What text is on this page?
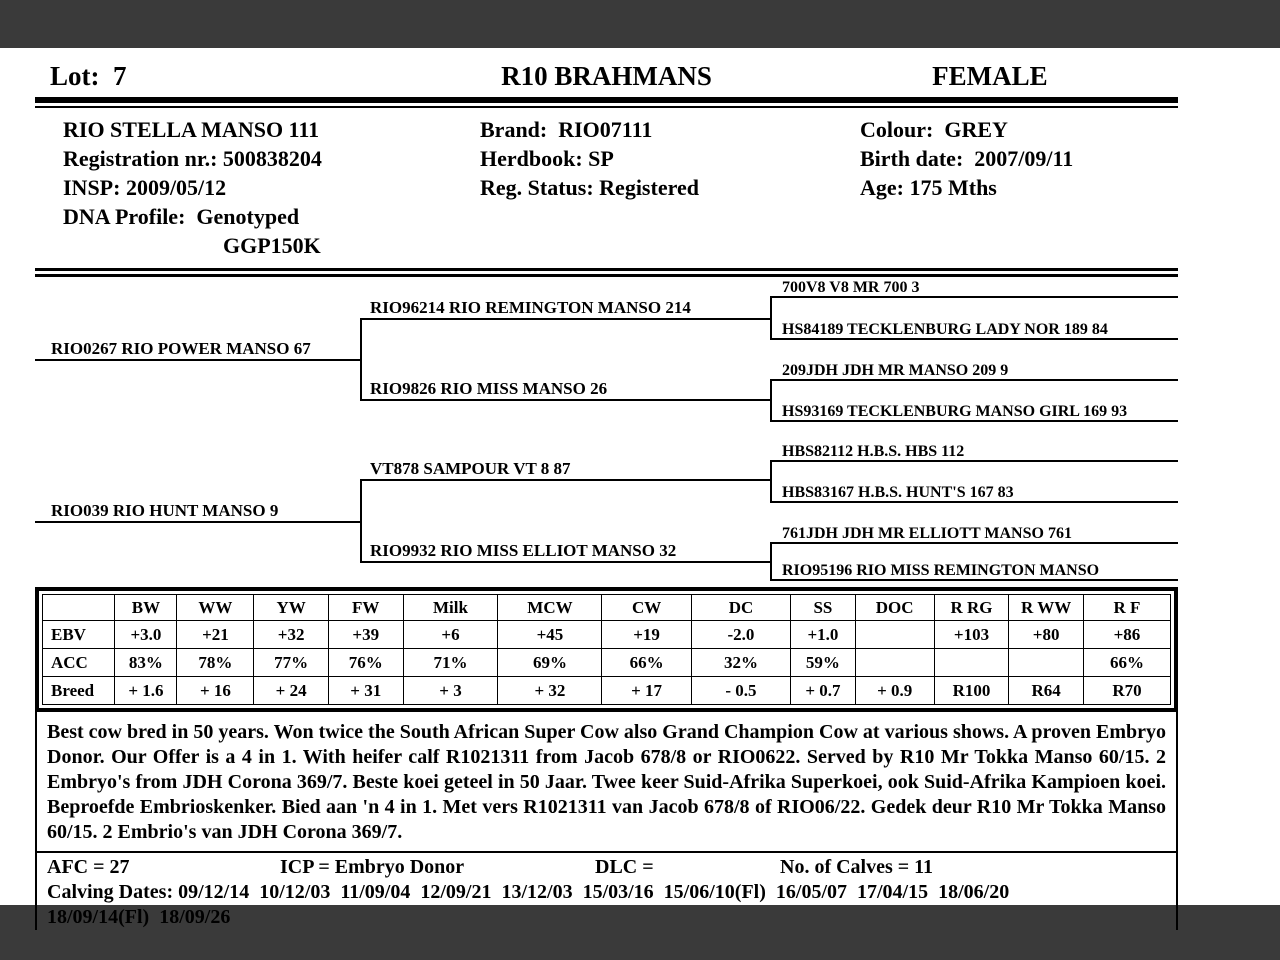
Lot:  7	R10 BRAHMANS	FEMALE
RIO STELLA MANSO 111
Registration nr.: 500838204
INSP: 2009/05/12
DNA Profile:  Genotyped
GGP150K
Brand:  RIO07111
Herdbook: SP
Reg. Status: Registered
Colour:  GREY
Birth date:  2007/09/11
Age: 175 Mths
RIO0267 RIO POWER MANSO 67
RIO039 RIO HUNT MANSO 9
RIO96214 RIO REMINGTON MANSO 214
RIO9826 RIO MISS MANSO 26
VT878 SAMPOUR VT 8 87
RIO9932 RIO MISS ELLIOT MANSO 32
700V8 V8 MR 700 3
HS84189 TECKLENBURG LADY NOR 189 84
209JDH JDH MR MANSO 209 9
HS93169 TECKLENBURG MANSO GIRL 169 93
HBS82112 H.B.S. HBS 112
HBS83167 H.B.S. HUNT'S 167 83
761JDH JDH MR ELLIOTT MANSO 761
RIO95196 RIO MISS REMINGTON MANSO
	BW	WW	YW	FW	Milk	MCW	CW	DC	SS	DOC	R RG	R WW	R F
EBV	+3.0	+21	+32	+39	+6	+45	+19	-2.0	+1.0		+103	+80	+86
ACC	83%	78%	77%	76%	71%	69%	66%	32%	59%				66%
Breed	+ 1.6	+ 16	+ 24	+ 31	+ 3	+ 32	+ 17	- 0.5	+ 0.7	+ 0.9	R100	R64	R70
Best cow bred in 50 years. Won twice the South African Super Cow also Grand Champion Cow at various shows. A proven Embryo Donor. Our Offer is a 4 in 1. With heifer calf R1021311 from Jacob 678/8 or RIO0622. Served by R10 Mr Tokka Manso 60/15. 2 Embryo's from JDH Corona 369/7. Beste koei geteel in 50 Jaar. Twee keer Suid-Afrika Superkoei, ook Suid-Afrika Kampioen koei. Beproefde Embrioskenker. Bied aan 'n 4 in 1. Met vers R1021311 van Jacob 678/8 of RIO06/22. Gedek deur R10 Mr Tokka Manso 60/15. 2 Embrio's van JDH Corona 369/7.
AFC = 27	ICP = Embryo Donor	DLC =	No. of Calves = 11
Calving Dates: 09/12/14  10/12/03  11/09/04  12/09/21  13/12/03  15/03/16  15/06/10(Fl)  16/05/07  17/04/15  18/06/20
18/09/14(Fl)  18/09/26
